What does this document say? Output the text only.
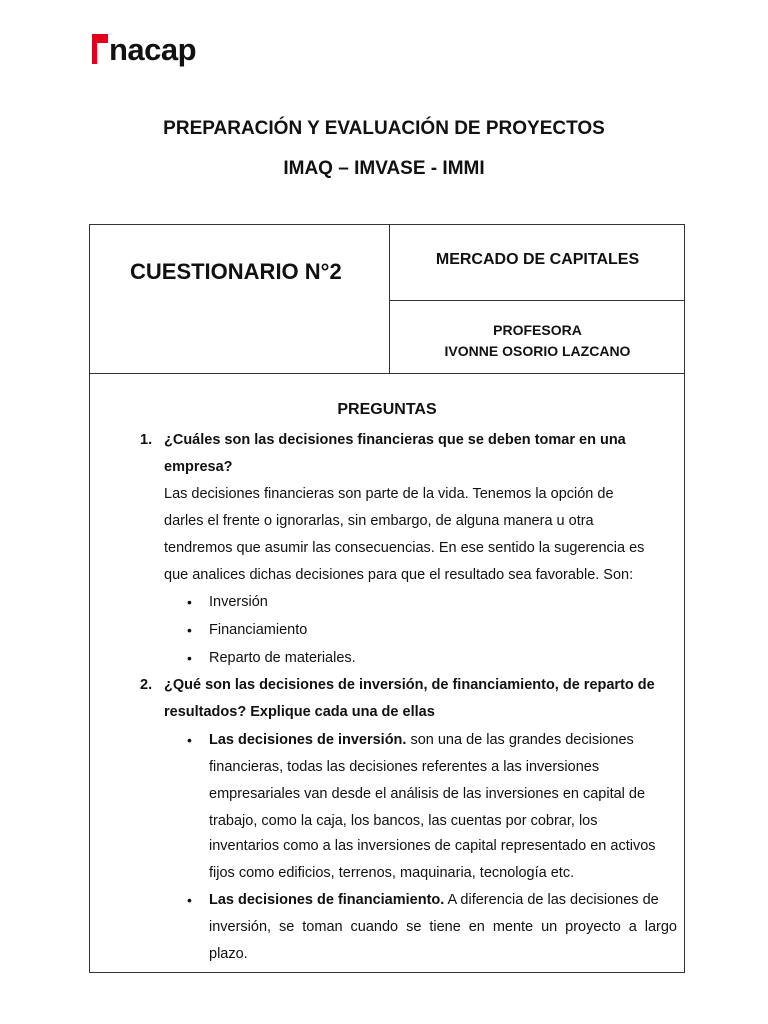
nacap
PREPARACIÓN Y EVALUACIÓN DE PROYECTOS
IMAQ – IMVASE - IMMI
CUESTIONARIO N°2	MERCADO DE CAPITALES
PROFESORA
IVONNE OSORIO LAZCANO
PREGUNTAS
1. ¿Cuáles son las decisiones financieras que se deben tomar en una
empresa?
Las decisiones financieras son parte de la vida. Tenemos la opción de
darles el frente o ignorarlas, sin embargo, de alguna manera u otra
tendremos que asumir las consecuencias. En ese sentido la sugerencia es
que analices dichas decisiones para que el resultado sea favorable. Son:
• Inversión
• Financiamiento
• Reparto de materiales.
2. ¿Qué son las decisiones de inversión, de financiamiento, de reparto de
resultados? Explique cada una de ellas
• Las decisiones de inversión. son una de las grandes decisiones
financieras, todas las decisiones referentes a las inversiones
empresariales van desde el análisis de las inversiones en capital de
trabajo, como la caja, los bancos, las cuentas por cobrar, los
inventarios como a las inversiones de capital representado en activos
fijos como edificios, terrenos, maquinaria, tecnología etc.
• Las decisiones de financiamiento. A diferencia de las decisiones de
inversión, se toman cuando se tiene en mente un proyecto a largo
plazo.
